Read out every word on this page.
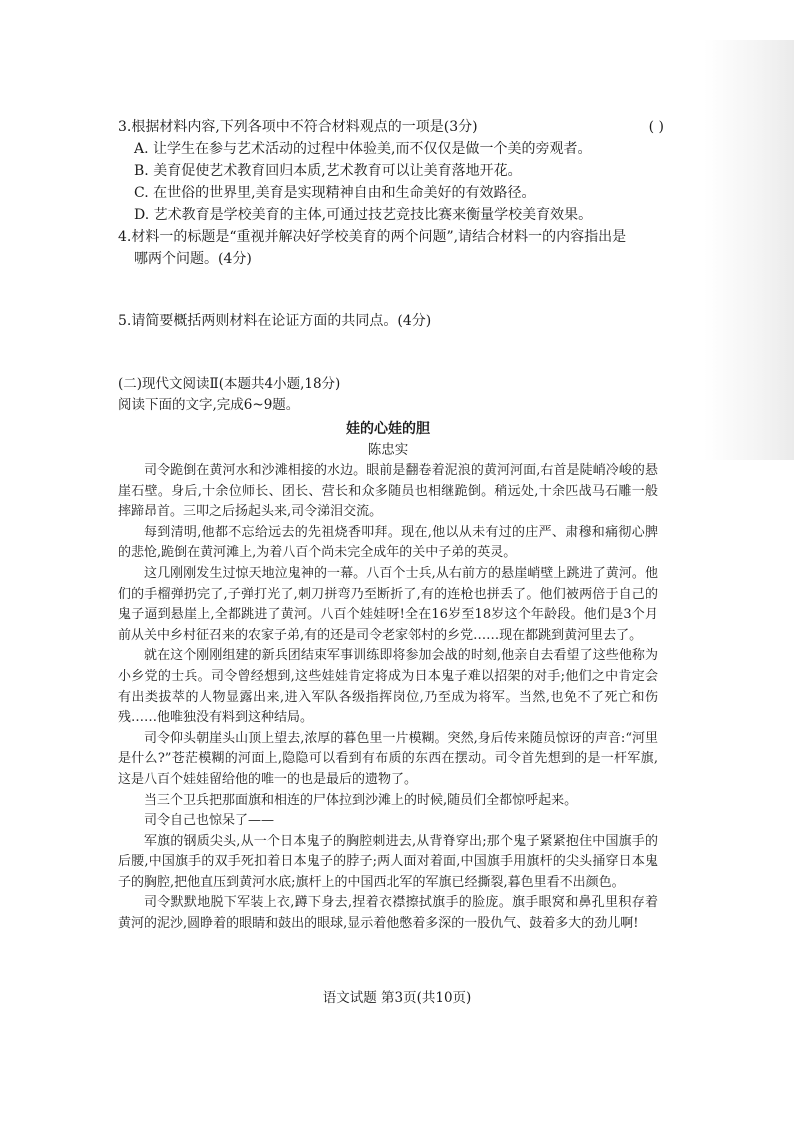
3.根据材料内容,下列各项中不符合材料观点的一项是(3分)	( )

A. 让学生在参与艺术活动的过程中体验美,而不仅仅是做一个美的旁观者。

B. 美育促使艺术教育回归本质,艺术教育可以让美育落地开花。

C. 在世俗的世界里,美育是实现精神自由和生命美好的有效路径。

D. 艺术教育是学校美育的主体,可通过技艺竞技比赛来衡量学校美育效果。

4.材料一的标题是“重视并解决好学校美育的两个问题”,请结合材料一的内容指出是

哪两个问题。(4分)

5.请简要概括两则材料在论证方面的共同点。(4分)

(二)现代文阅读Ⅱ(本题共4小题,18分)

阅读下面的文字,完成6~9题。

娃的心娃的胆

陈忠实

司令跪倒在黄河水和沙滩相接的水边。眼前是翻卷着泥浪的黄河河面,右首是陡峭冷峻的悬崖石壁。身后,十余位师长、团长、营长和众多随员也相继跪倒。稍远处,十余匹战马石雕一般摔蹄昂首。三叩之后扬起头来,司令涕泪交流。

每到清明,他都不忘给远去的先祖烧香叩拜。现在,他以从未有过的庄严、肃穆和痛彻心脾的悲怆,跪倒在黄河滩上,为着八百个尚未完全成年的关中子弟的英灵。

这几刚刚发生过惊天地泣鬼神的一幕。八百个士兵,从右前方的悬崖峭壁上跳进了黄河。他们的手榴弹扔完了,子弹打光了,刺刀拼弯乃至断折了,有的连枪也拼丢了。他们被两倍于自己的鬼子逼到悬崖上,全都跳进了黄河。八百个娃娃呀!全在16岁至18岁这个年龄段。他们是3个月前从关中乡村征召来的农家子弟,有的还是司令老家邻村的乡党……现在都跳到黄河里去了。

就在这个刚刚组建的新兵团结束军事训练即将参加会战的时刻,他亲自去看望了这些他称为小乡党的士兵。司令曾经想到,这些娃娃肯定将成为日本鬼子难以招架的对手;他们之中肯定会有出类拔萃的人物显露出来,进入军队各级指挥岗位,乃至成为将军。当然,也免不了死亡和伤残……他唯独没有料到这种结局。

司令仰头朝崖头山顶上望去,浓厚的暮色里一片模糊。突然,身后传来随员惊讶的声音:“河里是什么?”苍茫模糊的河面上,隐隐可以看到有布质的东西在摆动。司令首先想到的是一杆军旗,这是八百个娃娃留给他的唯一的也是最后的遗物了。

当三个卫兵把那面旗和相连的尸体拉到沙滩上的时候,随员们全都惊呼起来。

司令自己也惊呆了——

军旗的钢质尖头,从一个日本鬼子的胸腔刺进去,从背脊穿出;那个鬼子紧紧抱住中国旗手的后腰,中国旗手的双手死扣着日本鬼子的脖子;两人面对着面,中国旗手用旗杆的尖头捅穿日本鬼子的胸腔,把他直压到黄河水底;旗杆上的中国西北军的军旗已经撕裂,暮色里看不出颜色。

司令默默地脱下军装上衣,蹲下身去,捏着衣襟擦拭旗手的脸庞。旗手眼窝和鼻孔里积存着黄河的泥沙,圆睁着的眼睛和鼓出的眼球,显示着他憋着多深的一股仇气、鼓着多大的劲儿啊!

语文试题 第3页(共10页)
